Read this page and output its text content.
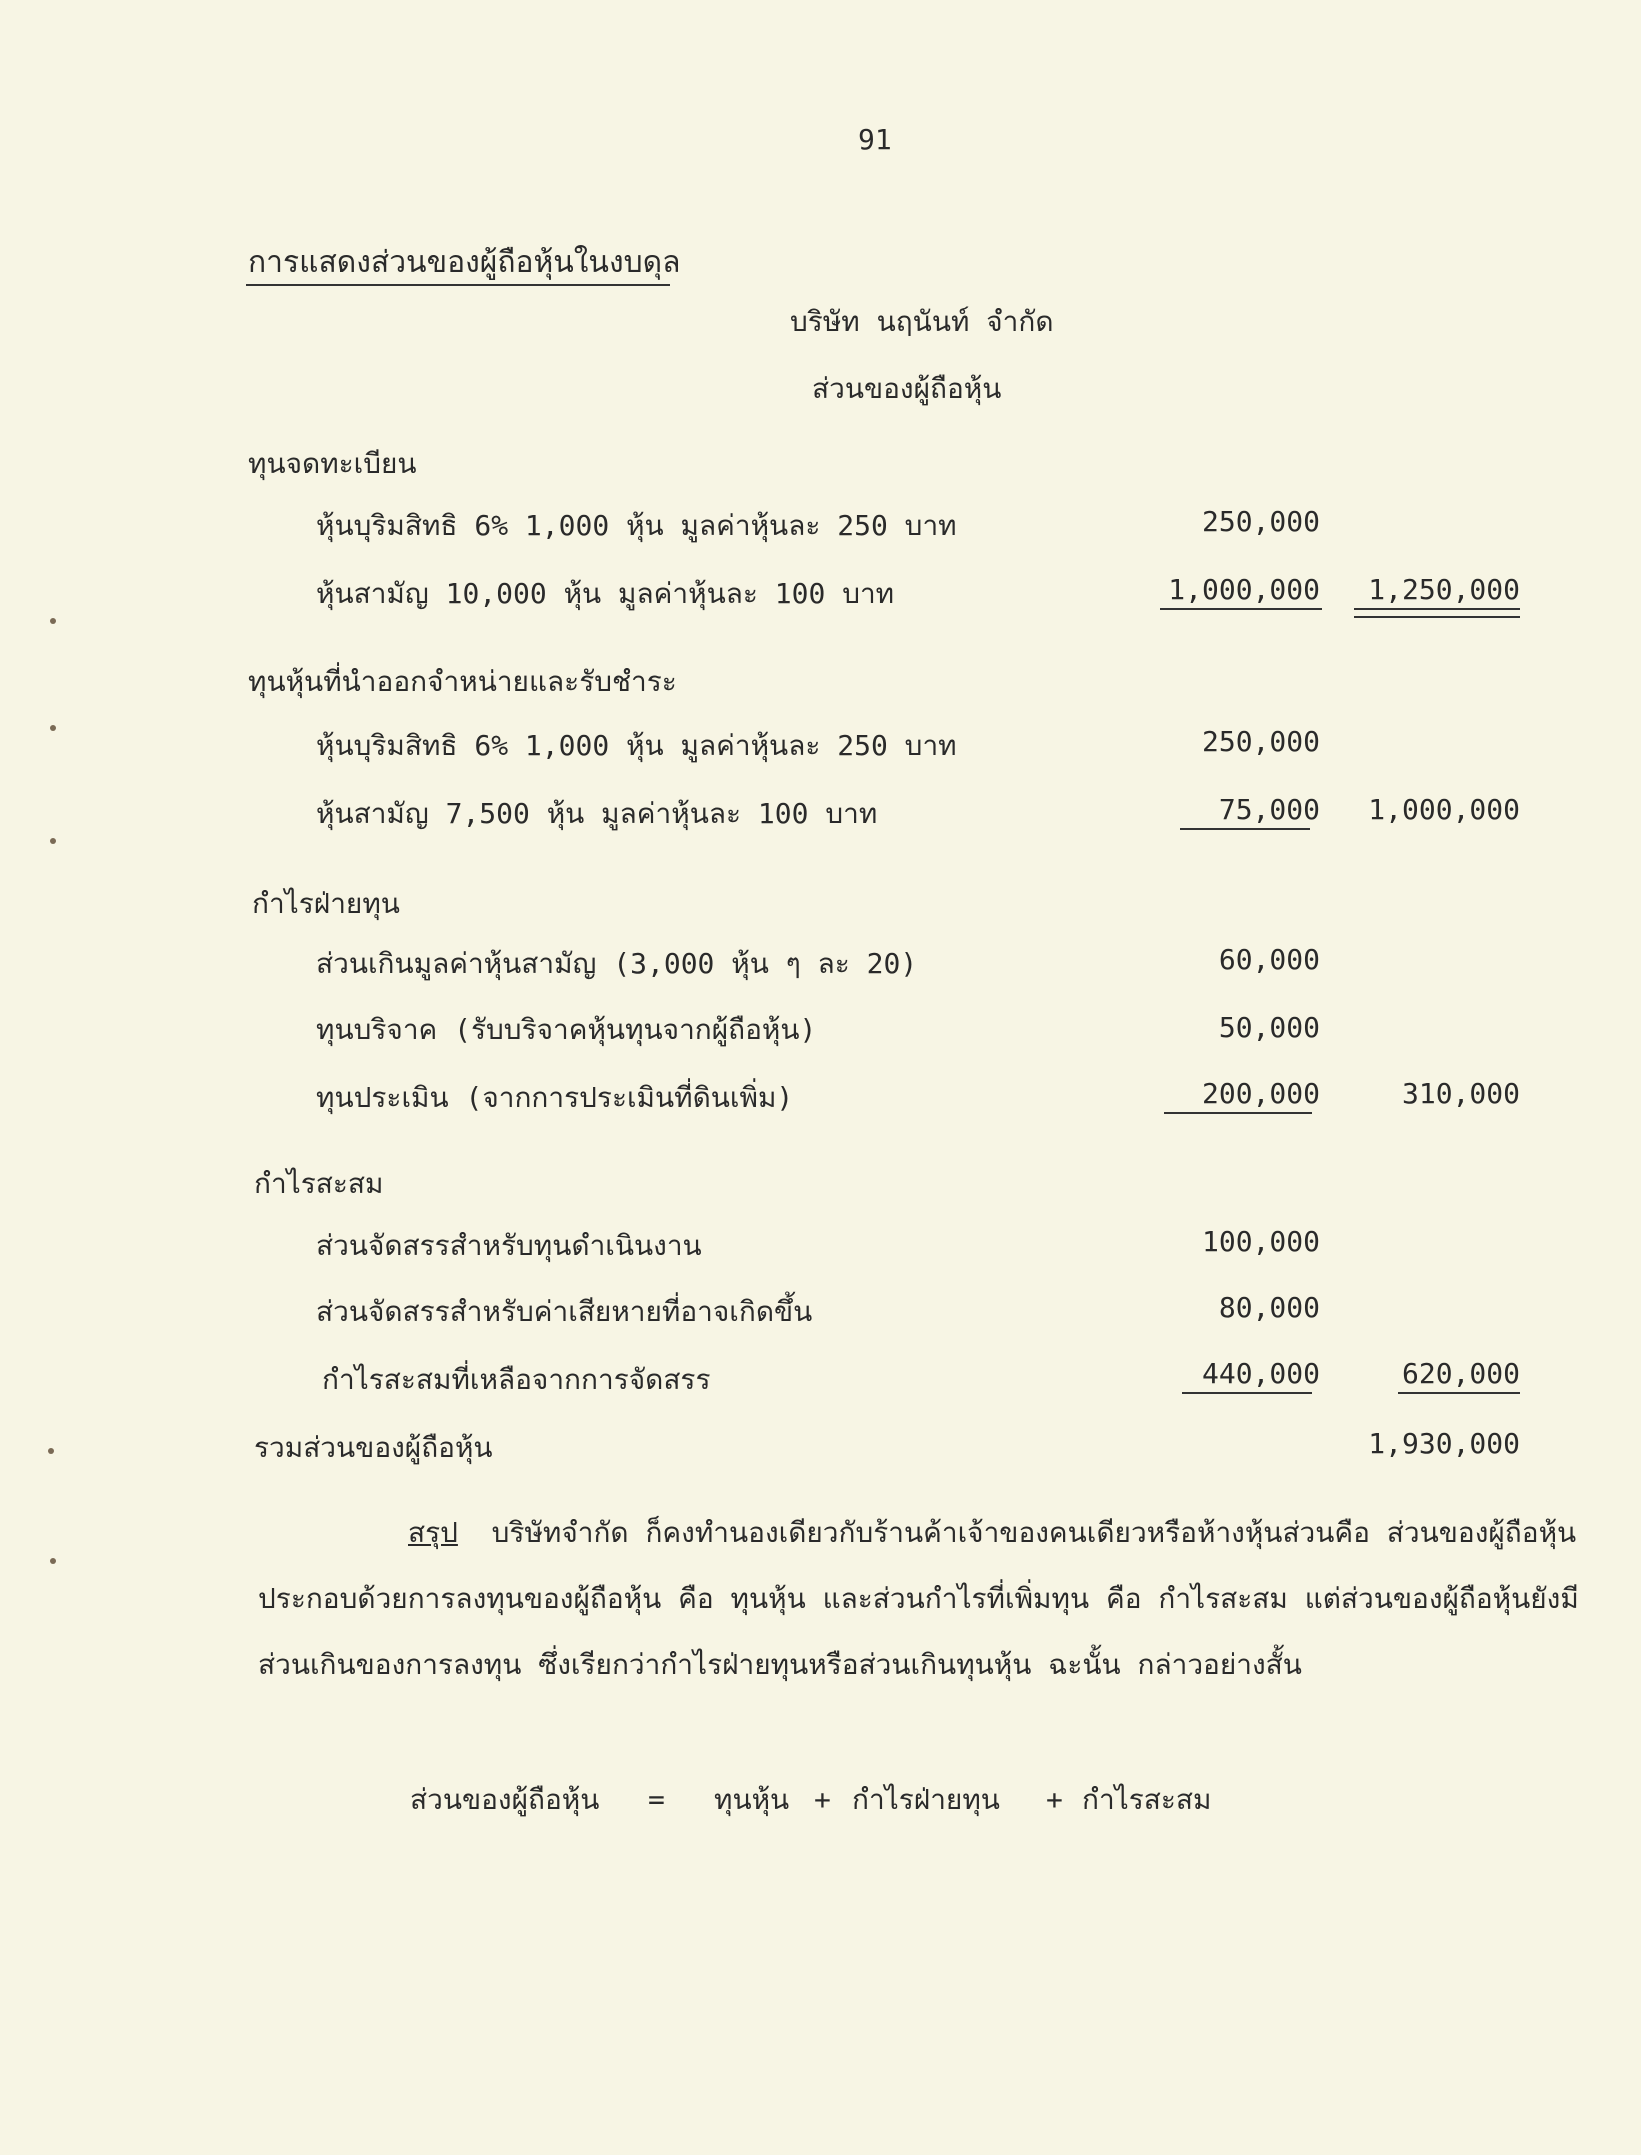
91
การแสดงส่วนของผู้ถือหุ้นในงบดุล
บริษัท นฤนันท์ จำกัด
ส่วนของผู้ถือหุ้น
ทุนจดทะเบียน
หุ้นบุริมสิทธิ 6% 1,000 หุ้น มูลค่าหุ้นละ 250 บาท	250,000
หุ้นสามัญ 10,000 หุ้น มูลค่าหุ้นละ 100 บาท	1,000,000	1,250,000
ทุนหุ้นที่นำออกจำหน่ายและรับชำระ
หุ้นบุริมสิทธิ 6% 1,000 หุ้น มูลค่าหุ้นละ 250 บาท	250,000
หุ้นสามัญ 7,500 หุ้น มูลค่าหุ้นละ 100 บาท	75,000	1,000,000
กำไรฝ่ายทุน
ส่วนเกินมูลค่าหุ้นสามัญ (3,000 หุ้น ๆ ละ 20)	60,000
ทุนบริจาค (รับบริจาคหุ้นทุนจากผู้ถือหุ้น)	50,000
ทุนประเมิน (จากการประเมินที่ดินเพิ่ม)	200,000	310,000
กำไรสะสม
ส่วนจัดสรรสำหรับทุนดำเนินงาน	100,000
ส่วนจัดสรรสำหรับค่าเสียหายที่อาจเกิดขึ้น	80,000
กำไรสะสมที่เหลือจากการจัดสรร	440,000	620,000
รวมส่วนของผู้ถือหุ้น	1,930,000
สรุป บริษัทจำกัด ก็คงทำนองเดียวกับร้านค้าเจ้าของคนเดียวหรือห้างหุ้นส่วนคือ ส่วนของผู้ถือหุ้นประกอบด้วยการลงทุนของผู้ถือหุ้น คือ ทุนหุ้น และส่วนกำไรที่เพิ่มทุน คือ กำไรสะสม แต่ส่วนของผู้ถือหุ้นยังมีส่วนเกินของการลงทุน ซึ่งเรียกว่ากำไรฝ่ายทุนหรือส่วนเกินทุนหุ้น ฉะนั้น กล่าวอย่างสั้น
ส่วนของผู้ถือหุ้น = ทุนหุ้น + กำไรฝ่ายทุน + กำไรสะสม
